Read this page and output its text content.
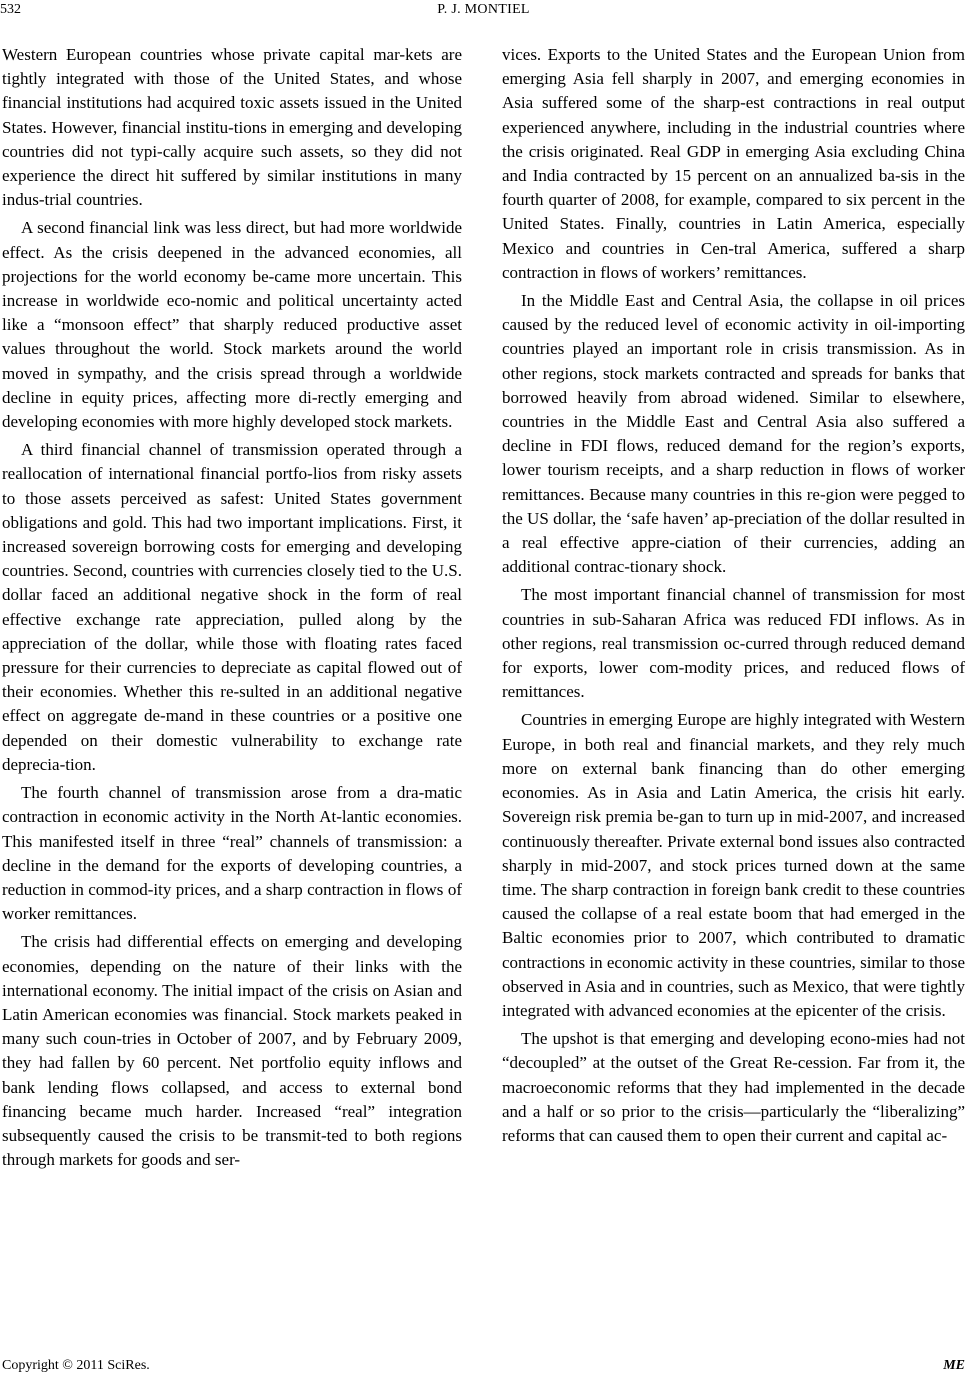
532	P. J. MONTIEL

Western European countries whose private capital mar-kets are tightly integrated with those of the United States, and whose financial institutions had acquired toxic assets issued in the United States. However, financial institu-tions in emerging and developing countries did not typi-cally acquire such assets, so they did not experience the direct hit suffered by similar institutions in many indus-trial countries.

A second financial link was less direct, but had more worldwide effect. As the crisis deepened in the advanced economies, all projections for the world economy be-came more uncertain. This increase in worldwide eco-nomic and political uncertainty acted like a “monsoon effect” that sharply reduced productive asset values throughout the world. Stock markets around the world moved in sympathy, and the crisis spread through a worldwide decline in equity prices, affecting more di-rectly emerging and developing economies with more highly developed stock markets.

A third financial channel of transmission operated through a reallocation of international financial portfo-lios from risky assets to those assets perceived as safest: United States government obligations and gold. This had two important implications. First, it increased sovereign borrowing costs for emerging and developing countries. Second, countries with currencies closely tied to the U.S. dollar faced an additional negative shock in the form of real effective exchange rate appreciation, pulled along by the appreciation of the dollar, while those with floating rates faced pressure for their currencies to depreciate as capital flowed out of their economies. Whether this re-sulted in an additional negative effect on aggregate de-mand in these countries or a positive one depended on their domestic vulnerability to exchange rate deprecia-tion.

The fourth channel of transmission arose from a dra-matic contraction in economic activity in the North At-lantic economies. This manifested itself in three “real” channels of transmission: a decline in the demand for the exports of developing countries, a reduction in commod-ity prices, and a sharp contraction in flows of worker remittances.

The crisis had differential effects on emerging and developing economies, depending on the nature of their links with the international economy. The initial impact of the crisis on Asian and Latin American economies was financial. Stock markets peaked in many such coun-tries in October of 2007, and by February 2009, they had fallen by 60 percent. Net portfolio equity inflows and bank lending flows collapsed, and access to external bond financing became much harder. Increased “real” integration subsequently caused the crisis to be transmit-ted to both regions through markets for goods and ser-

vices. Exports to the United States and the European Union from emerging Asia fell sharply in 2007, and emerging economies in Asia suffered some of the sharp-est contractions in real output experienced anywhere, including in the industrial countries where the crisis originated. Real GDP in emerging Asia excluding China and India contracted by 15 percent on an annualized ba-sis in the fourth quarter of 2008, for example, compared to six percent in the United States. Finally, countries in Latin America, especially Mexico and countries in Cen-tral America, suffered a sharp contraction in flows of workers’ remittances.

In the Middle East and Central Asia, the collapse in oil prices caused by the reduced level of economic activity in oil-importing countries played an important role in crisis transmission. As in other regions, stock markets contracted and spreads for banks that borrowed heavily from abroad widened. Similar to elsewhere, countries in the Middle East and Central Asia also suffered a decline in FDI flows, reduced demand for the region’s exports, lower tourism receipts, and a sharp reduction in flows of worker remittances. Because many countries in this re-gion were pegged to the US dollar, the ‘safe haven’ ap-preciation of the dollar resulted in a real effective appre-ciation of their currencies, adding an additional contrac-tionary shock.

The most important financial channel of transmission for most countries in sub-Saharan Africa was reduced FDI inflows. As in other regions, real transmission oc-curred through reduced demand for exports, lower com-modity prices, and reduced flows of remittances.

Countries in emerging Europe are highly integrated with Western Europe, in both real and financial markets, and they rely much more on external bank financing than do other emerging economies. As in Asia and Latin America, the crisis hit early. Sovereign risk premia be-gan to turn up in mid-2007, and increased continuously thereafter. Private external bond issues also contracted sharply in mid-2007, and stock prices turned down at the same time. The sharp contraction in foreign bank credit to these countries caused the collapse of a real estate boom that had emerged in the Baltic economies prior to 2007, which contributed to dramatic contractions in economic activity in these countries, similar to those observed in Asia and in countries, such as Mexico, that were tightly integrated with advanced economies at the epicenter of the crisis.

The upshot is that emerging and developing econo-mies had not “decoupled” at the outset of the Great Re-cession. Far from it, the macroeconomic reforms that they had implemented in the decade and a half or so prior to the crisis—particularly the “liberalizing” reforms that can caused them to open their current and capital ac-

Copyright © 2011 SciRes.	ME
